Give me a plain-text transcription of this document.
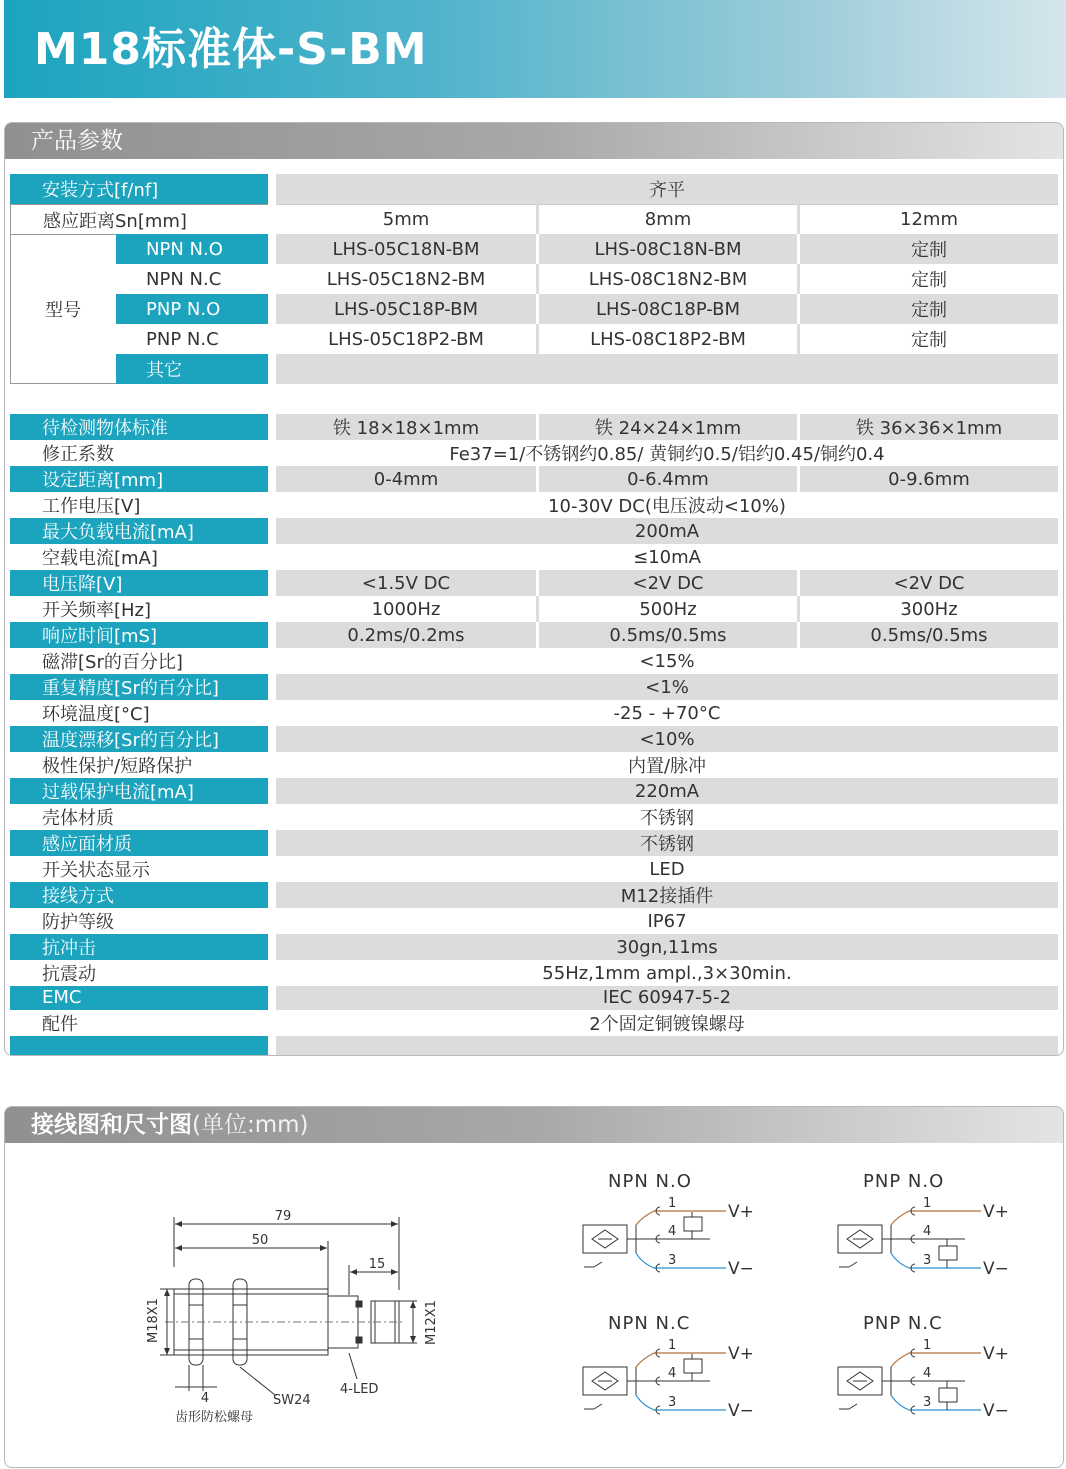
M18标准体-S-BM
产品参数
安装方式[f/nf]			齐平		
感应距离Sn[mm]			5mm	8mm	12mm
型号	NPN N.O		LHS-05C18N-BM	LHS-08C18N-BM	定制
	NPN N.C		LHS-05C18N2-BM	LHS-08C18N2-BM	定制
	PNP N.O		LHS-05C18P-BM	LHS-08C18P-BM	定制
	PNP N.C		LHS-05C18P2-BM	LHS-08C18P2-BM	定制
	其它				
待检测物体标准		铁 18×18×1mm	铁 24×24×1mm	铁 36×36×1mm
修正系数		Fe37=1/不锈钢约0.85/ 黄铜约0.5/铝约0.45/铜约0.4		
设定距离[mm]		0-4mm	0-6.4mm	0-9.6mm
工作电压[V]		10-30V DC(电压波动<10%)		
最大负载电流[mA]		200mA		
空载电流[mA]		≤10mA		
电压降[V]		<1.5V DC	<2V DC	<2V DC
开关频率[Hz]		1000Hz	500Hz	300Hz
响应时间[mS]		0.2ms/0.2ms	0.5ms/0.5ms	0.5ms/0.5ms
磁滞[Sr的百分比]		<15%		
重复精度[Sr的百分比]		<1%		
环境温度[°C]		-25 - +70°C		
温度漂移[Sr的百分比]		<10%		
极性保护/短路保护		内置/脉冲		
过载保护电流[mA]		220mA		
壳体材质		不锈钢		
感应面材质		不锈钢		
开关状态显示		LED		
接线方式		M12接插件		
防护等级		IP67		
抗冲击		30gn,11ms		
抗震动		55Hz,1mm ampl.,3×30min.		
EMC		IEC 60947-5-2		
配件		2个固定铜镀镍螺母		

接线图和尺寸图(单位:mm)
79
50
15
4	SW24
4-LED
齿形防松螺母
M18X1	M12X1
NPN N.O
1
4
3
V+
V−
PNP N.O
1
4
3
V+
V−
NPN N.C
1
4
3
V+
V−
PNP N.C
1
4
3
V+
V−
